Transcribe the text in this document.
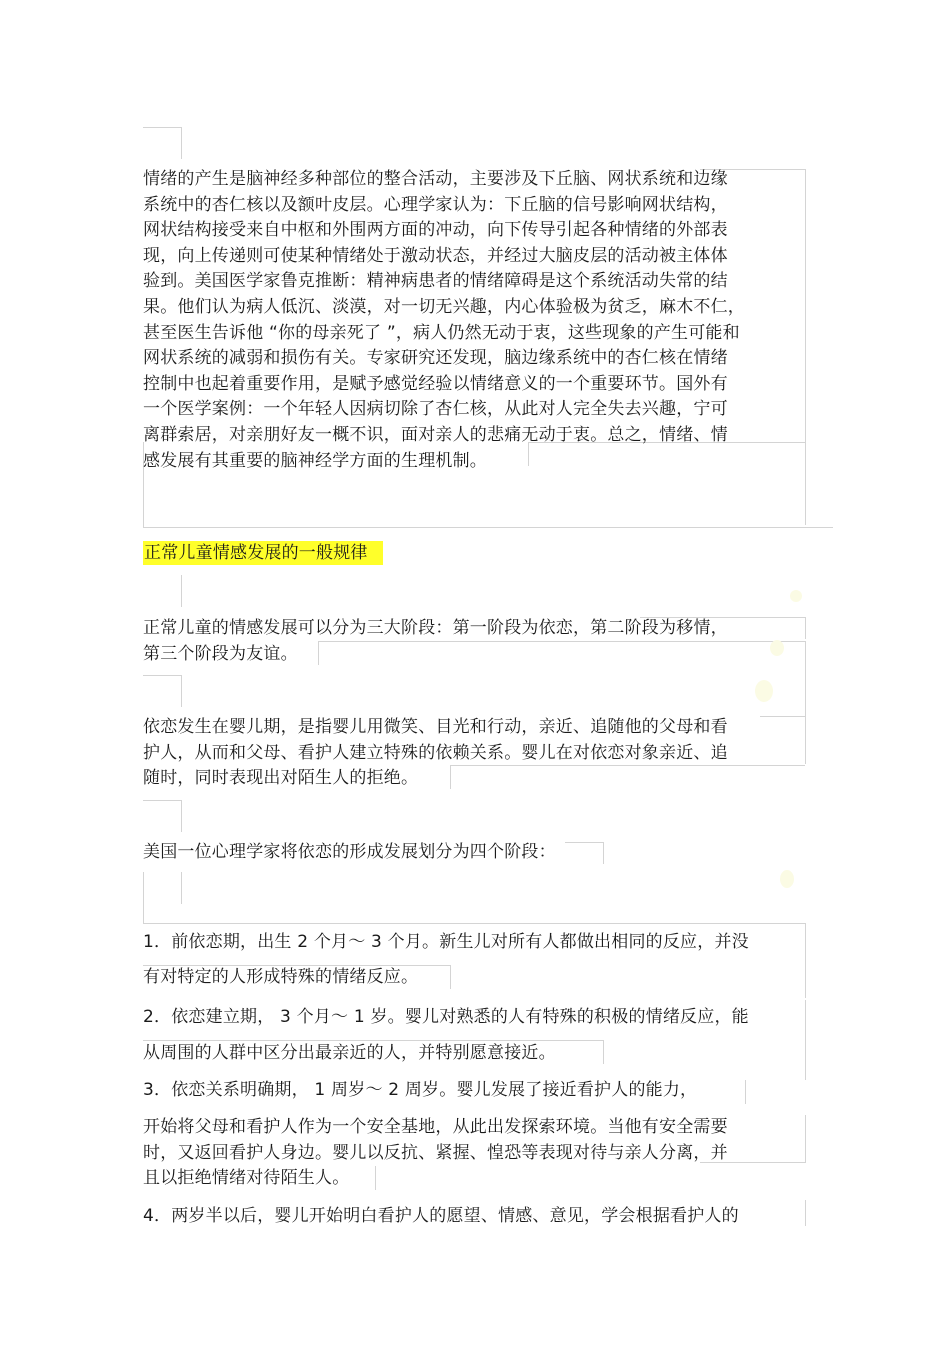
情绪的产生是脑神经多种部位的整合活动，主要涉及下丘脑、网状系统和边缘
系统中的杏仁核以及额叶皮层。心理学家认为：下丘脑的信号影响网状结构，
网状结构接受来自中枢和外围两方面的冲动，向下传导引起各种情绪的外部表
现，向上传递则可使某种情绪处于激动状态，并经过大脑皮层的活动被主体体
验到。美国医学家鲁克推断：精神病患者的情绪障碍是这个系统活动失常的结
果。他们认为病人低沉、淡漠，对一切无兴趣，内心体验极为贫乏，麻木不仁，
甚至医生告诉他 “你的母亲死了 ”，病人仍然无动于衷，这些现象的产生可能和
网状系统的减弱和损伤有关。专家研究还发现，脑边缘系统中的杏仁核在情绪
控制中也起着重要作用，是赋予感觉经验以情绪意义的一个重要环节。国外有
一个医学案例：一个年轻人因病切除了杏仁核，从此对人完全失去兴趣，宁可
离群索居，对亲朋好友一概不识，面对亲人的悲痛无动于衷。总之，情绪、情
感发展有其重要的脑神经学方面的生理机制。
正常儿童情感发展的一般规律
正常儿童的情感发展可以分为三大阶段：第一阶段为依恋，第二阶段为移情，
第三个阶段为友谊。
依恋发生在婴儿期，是指婴儿用微笑、目光和行动，亲近、追随他的父母和看
护人，从而和父母、看护人建立特殊的依赖关系。婴儿在对依恋对象亲近、追
随时，同时表现出对陌生人的拒绝。
美国一位心理学家将依恋的形成发展划分为四个阶段：
1．前依恋期，出生 2 个月～ 3 个月。新生儿对所有人都做出相同的反应，并没
有对特定的人形成特殊的情绪反应。
2．依恋建立期， 3 个月～ 1 岁。婴儿对熟悉的人有特殊的积极的情绪反应，能
从周围的人群中区分出最亲近的人，并特别愿意接近。
3．依恋关系明确期， 1 周岁～ 2 周岁。婴儿发展了接近看护人的能力，
开始将父母和看护人作为一个安全基地，从此出发探索环境。当他有安全需要
时，又返回看护人身边。婴儿以反抗、紧握、惶恐等表现对待与亲人分离，并
且以拒绝情绪对待陌生人。
4．两岁半以后，婴儿开始明白看护人的愿望、情感、意见，学会根据看护人的
